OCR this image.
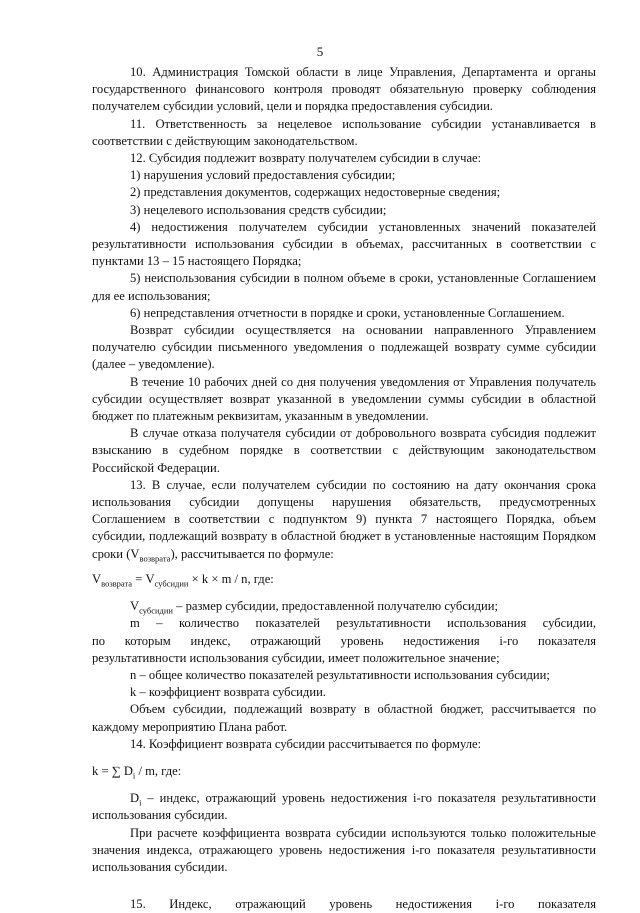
5

10. Администрация Томской области в лице Управления, Департамента и органы государственного финансового контроля проводят обязательную проверку соблюдения получателем субсидии условий, цели и порядка предоставления субсидии.

11. Ответственность за нецелевое использование субсидии устанавливается в соответствии с действующим законодательством.

12. Субсидия подлежит возврату получателем субсидии в случае:

1) нарушения условий предоставления субсидии;

2) представления документов, содержащих недостоверные сведения;

3) нецелевого использования средств субсидии;

4) недостижения получателем субсидии установленных значений показателей результативности использования субсидии в объемах, рассчитанных в соответствии с пунктами 13 – 15 настоящего Порядка;

5) неиспользования субсидии в полном объеме в сроки, установленные Соглашением для ее использования;

6) непредставления отчетности в порядке и сроки, установленные Соглашением.

Возврат субсидии осуществляется на основании направленного Управлением получателю субсидии письменного уведомления о подлежащей возврату сумме субсидии (далее – уведомление).

В течение 10 рабочих дней со дня получения уведомления от Управления получатель субсидии осуществляет возврат указанной в уведомлении суммы субсидии в областной бюджет по платежным реквизитам, указанным в уведомлении.

В случае отказа получателя субсидии от добровольного возврата субсидия подлежит взысканию в судебном порядке в соответствии с действующим законодательством Российской Федерации.

13. В случае, если получателем субсидии по состоянию на дату окончания срока использования субсидии допущены нарушения обязательств, предусмотренных Соглашением в соответствии с подпунктом 9) пункта 7 настоящего Порядка, объем субсидии, подлежащий возврату в областной бюджет в установленные настоящим Порядком сроки $(V_{возврата})$, рассчитывается по формуле:

$V_{возврата} = V_{субсидии} \times k \times m / n$, где:

$V_{субсидии}$ – размер субсидии, предоставленной получателю субсидии;

m – количество показателей результативности использования субсидии,

по которым индекс, отражающий уровень недостижения i-го показателя

результативности использования субсидии, имеет положительное значение;

n – общее количество показателей результативности использования субсидии;

k – коэффициент возврата субсидии.

Объем субсидии, подлежащий возврату в областной бюджет, рассчитывается по каждому мероприятию Плана работ.

14. Коэффициент возврата субсидии рассчитывается по формуле:

k = ∑ $D_i$ / m, где:

$D_i$ – индекс, отражающий уровень недостижения i-го показателя результативности использования субсидии.

При расчете коэффициента возврата субсидии используются только положительные значения индекса, отражающего уровень недостижения i-го показателя результативности использования субсидии.

15. Индекс, отражающий уровень недостижения i-го показателя
